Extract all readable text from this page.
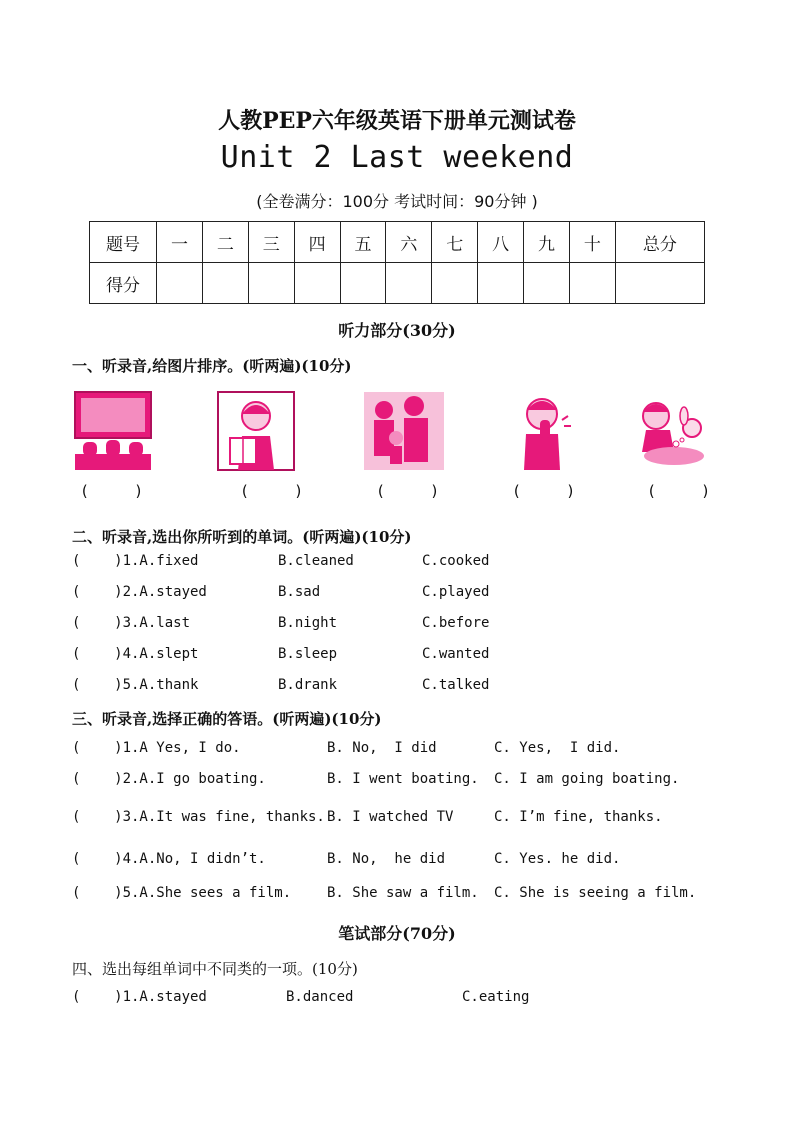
人教PEP六年级英语下册单元测试卷
Unit 2 Last weekend
(全卷满分：100分 考试时间：90分钟 )
题号	一	二	三	四	五	六	七	八	九	十	总分
得分											
听力部分(30分)
一、听录音,给图片排序。(听两遍)(10分)
(     )	(     )	(     )	(     )	(     )
二、听录音,选出你所听到的单词。(听两遍)(10分)
(    )1.A.fixed	B.cleaned	C.cooked
(    )2.A.stayed	B.sad	C.played
(    )3.A.last	B.night	C.before
(    )4.A.slept	B.sleep	C.wanted
(    )5.A.thank	B.drank	C.talked
三、听录音,选择正确的答语。(听两遍)(10分)
(    )1.A Yes, I do.	B. No,  I did	C. Yes,  I did.
(    )2.A.I go boating.	B. I went boating. C. I am going boating.
(    )3.A.It was fine, thanks. B. I watched TV	C. I’m fine, thanks.
(    )4.A.No, I didn’t.	B. No,  he did	C. Yes. he did.
(    )5.A.She sees a film.	B. She saw a film. C. She is seeing a film.
笔试部分(70分)
四、选出每组单词中不同类的一项。(10分)
(    )1.A.stayed	B.danced	C.eating
